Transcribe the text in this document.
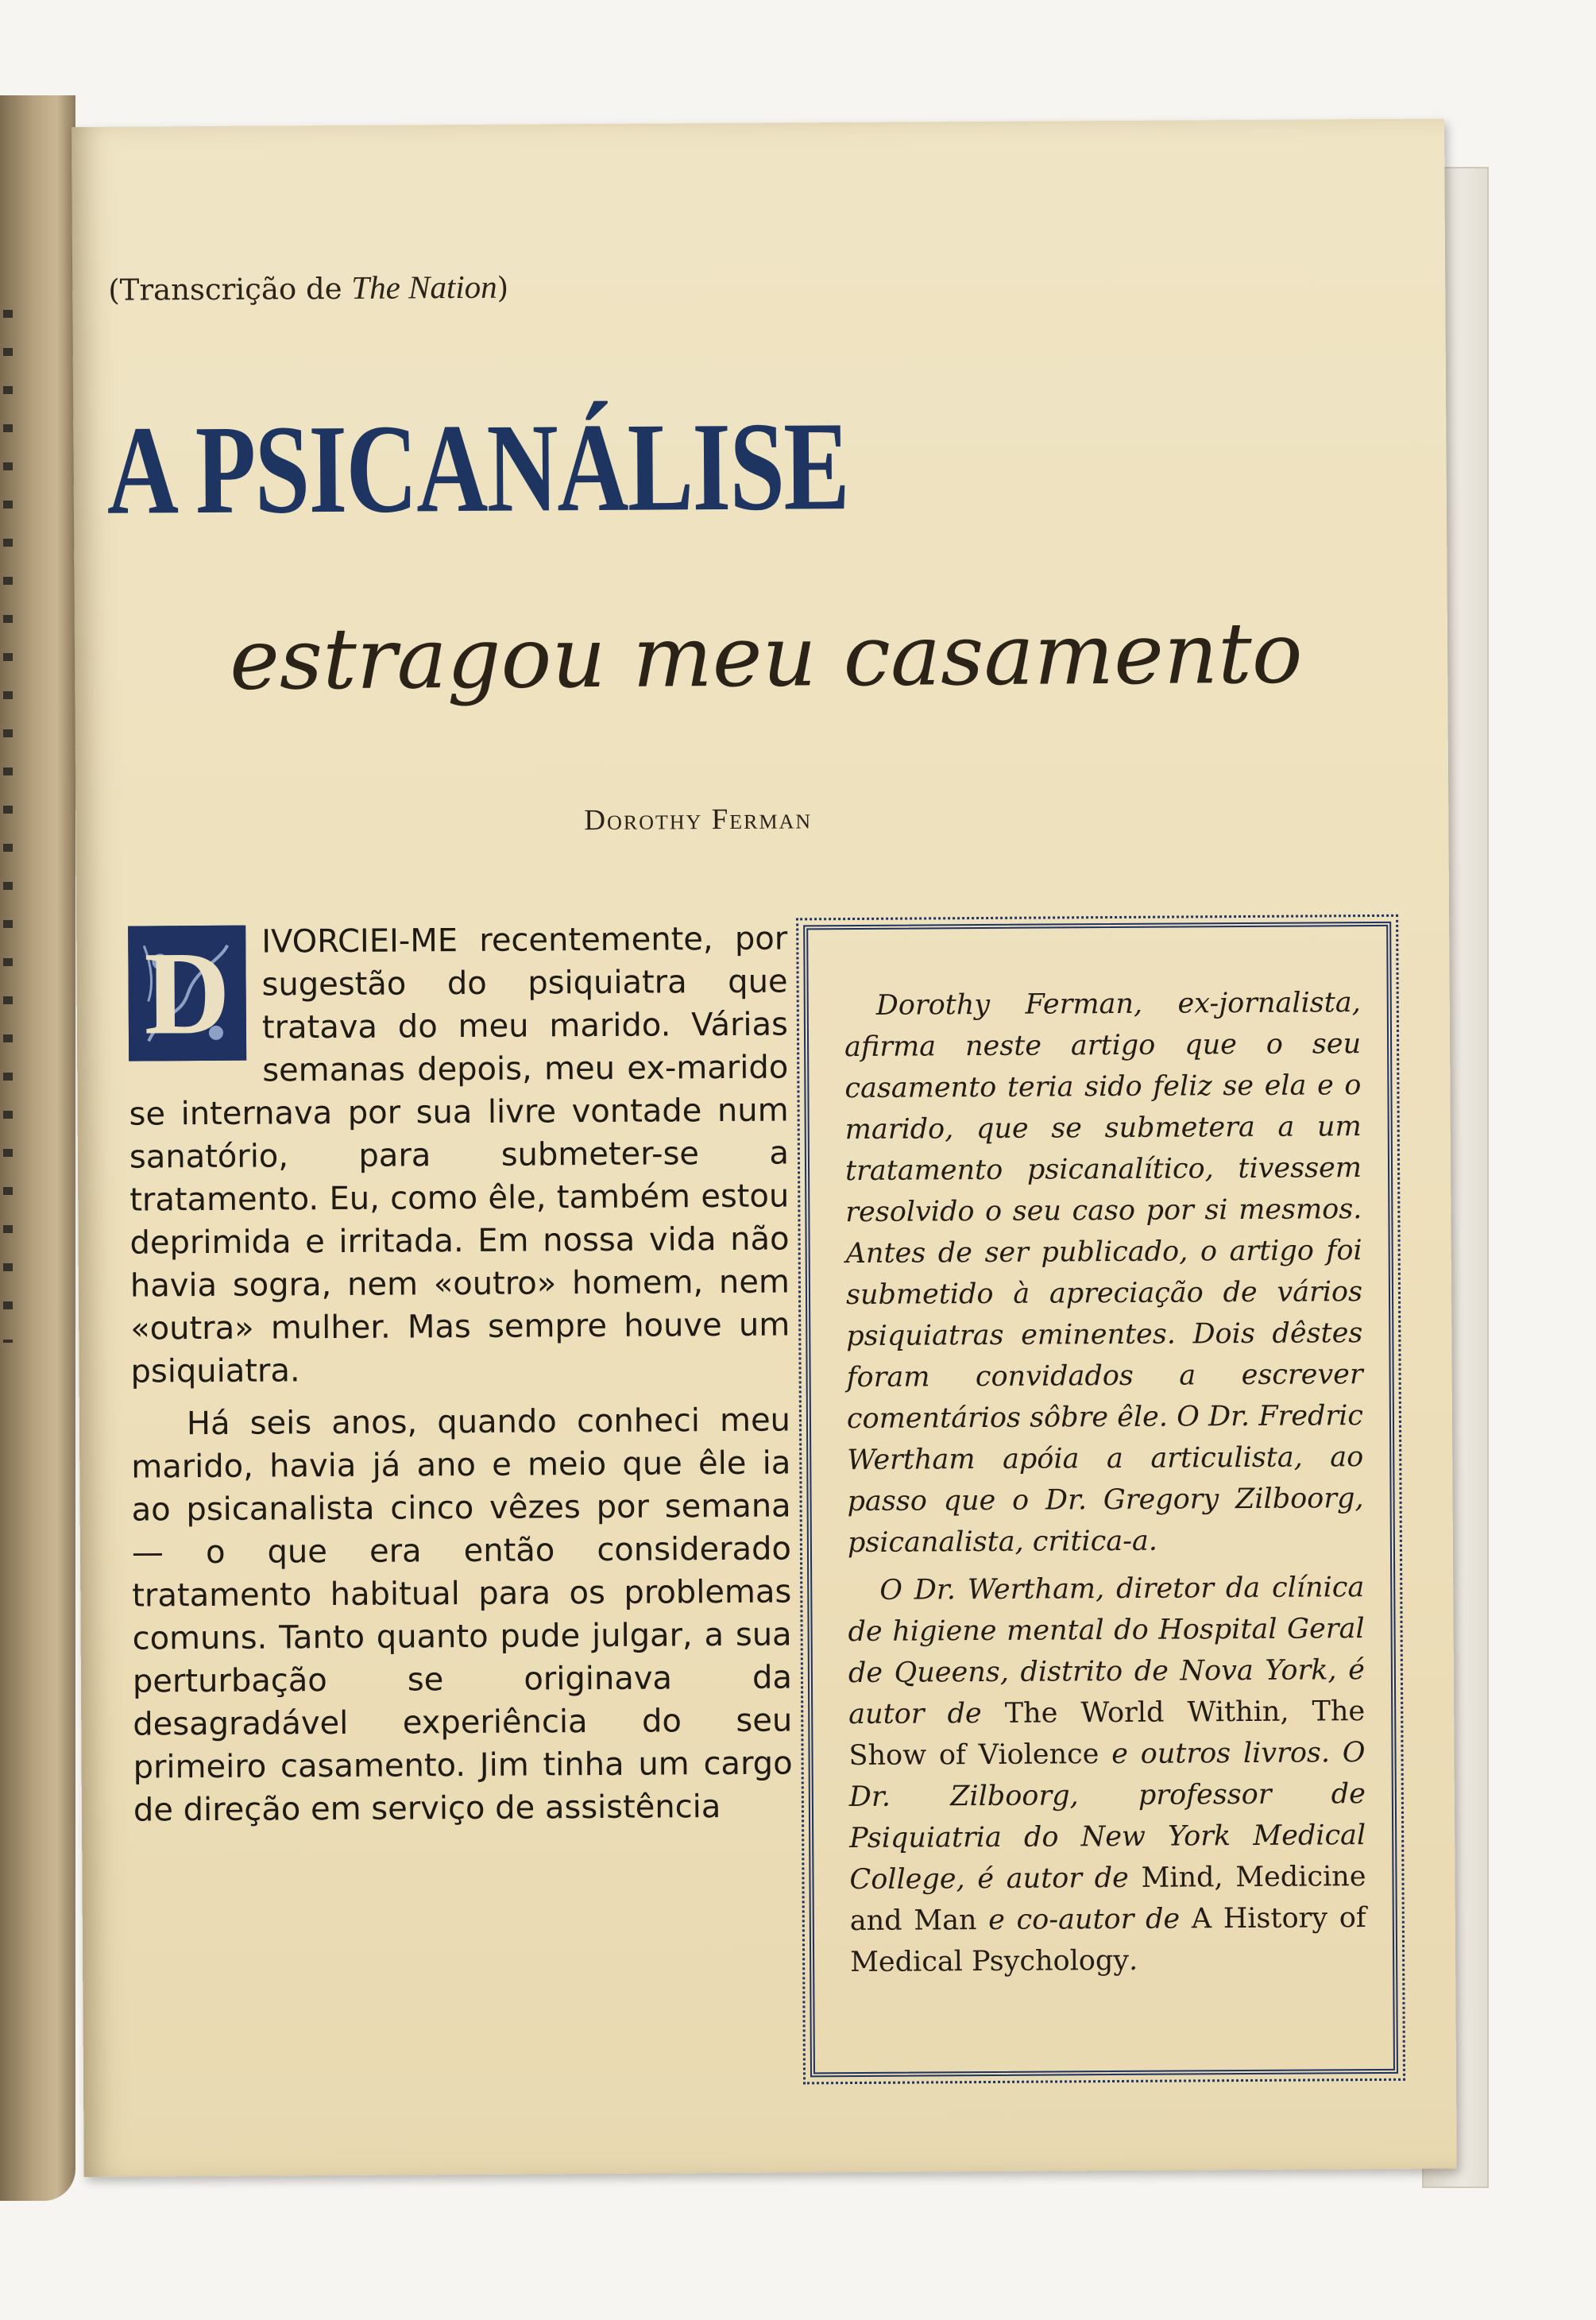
(Transcrição de The Nation)
A PSICANÁLISE
estragou meu casamento
Dorothy Ferman
D IVORCIEI-ME recentemente, por sugestão do psiquiatra que tratava do meu marido. Várias semanas depois, meu ex-marido se internava por sua livre vontade num sanatório, para submeter-se a tratamento. Eu, como êle, também estou deprimida e irritada. Em nossa vida não havia sogra, nem «outro» homem, nem «outra» mulher. Mas sempre houve um psiquiatra.

Há seis anos, quando conheci meu marido, havia já ano e meio que êle ia ao psicanalista cinco vêzes por semana — o que era então considerado tratamento habitual para os problemas comuns. Tanto quanto pude julgar, a sua perturbação se originava da desagradável experiência do seu primeiro casamento. Jim tinha um cargo de direção em serviço de assistência

Dorothy Ferman, ex-jornalista, afirma neste artigo que o seu casamento teria sido feliz se ela e o marido, que se submetera a um tratamento psicanalítico, tivessem resolvido o seu caso por si mesmos. Antes de ser publicado, o artigo foi submetido à apreciação de vários psiquiatras eminentes. Dois dêstes foram convidados a escrever comentários sôbre êle. O Dr. Fredric Wertham apóia a articulista, ao passo que o Dr. Gregory Zilboorg, psicanalista, critica-a.

O Dr. Wertham, diretor da clínica de higiene mental do Hospital Geral de Queens, distrito de Nova York, é autor de The World Within, The Show of Violence e outros livros. O Dr. Zilboorg, professor de Psiquiatria do New York Medical College, é autor de Mind, Medicine and Man e co-autor de A History of Medical Psychology.
